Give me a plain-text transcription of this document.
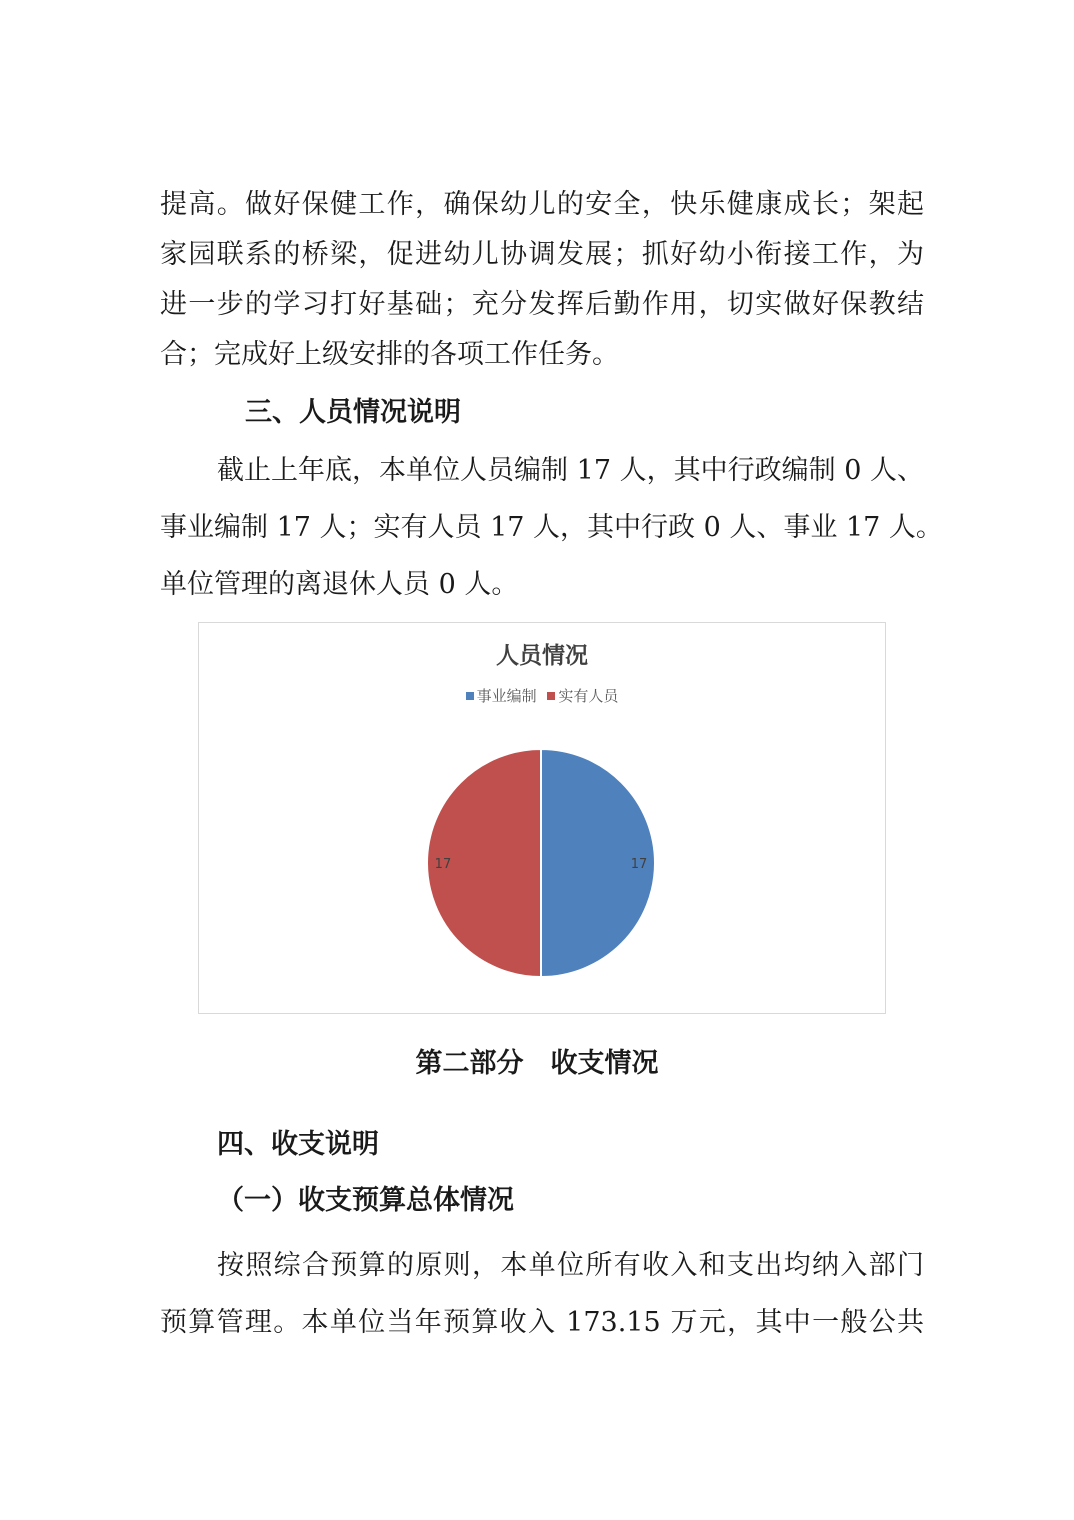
提高。做好保健工作，确保幼儿的安全，快乐健康成长；架起
家园联系的桥梁，促进幼儿协调发展；抓好幼小衔接工作，为
进一步的学习打好基础；充分发挥后勤作用，切实做好保教结
合；完成好上级安排的各项工作任务。
三、人员情况说明
截止上年底，本单位人员编制 17 人，其中行政编制 0 人、
事业编制 17 人；实有人员 17 人，其中行政 0 人、事业 17 人。
单位管理的离退休人员 0 人。
人员情况
事业编制 实有人员
17
17
第二部分　收支情况
四、收支说明
（一）收支预算总体情况
按照综合预算的原则，本单位所有收入和支出均纳入部门
预算管理。本单位当年预算收入 173.15 万元，其中一般公共
